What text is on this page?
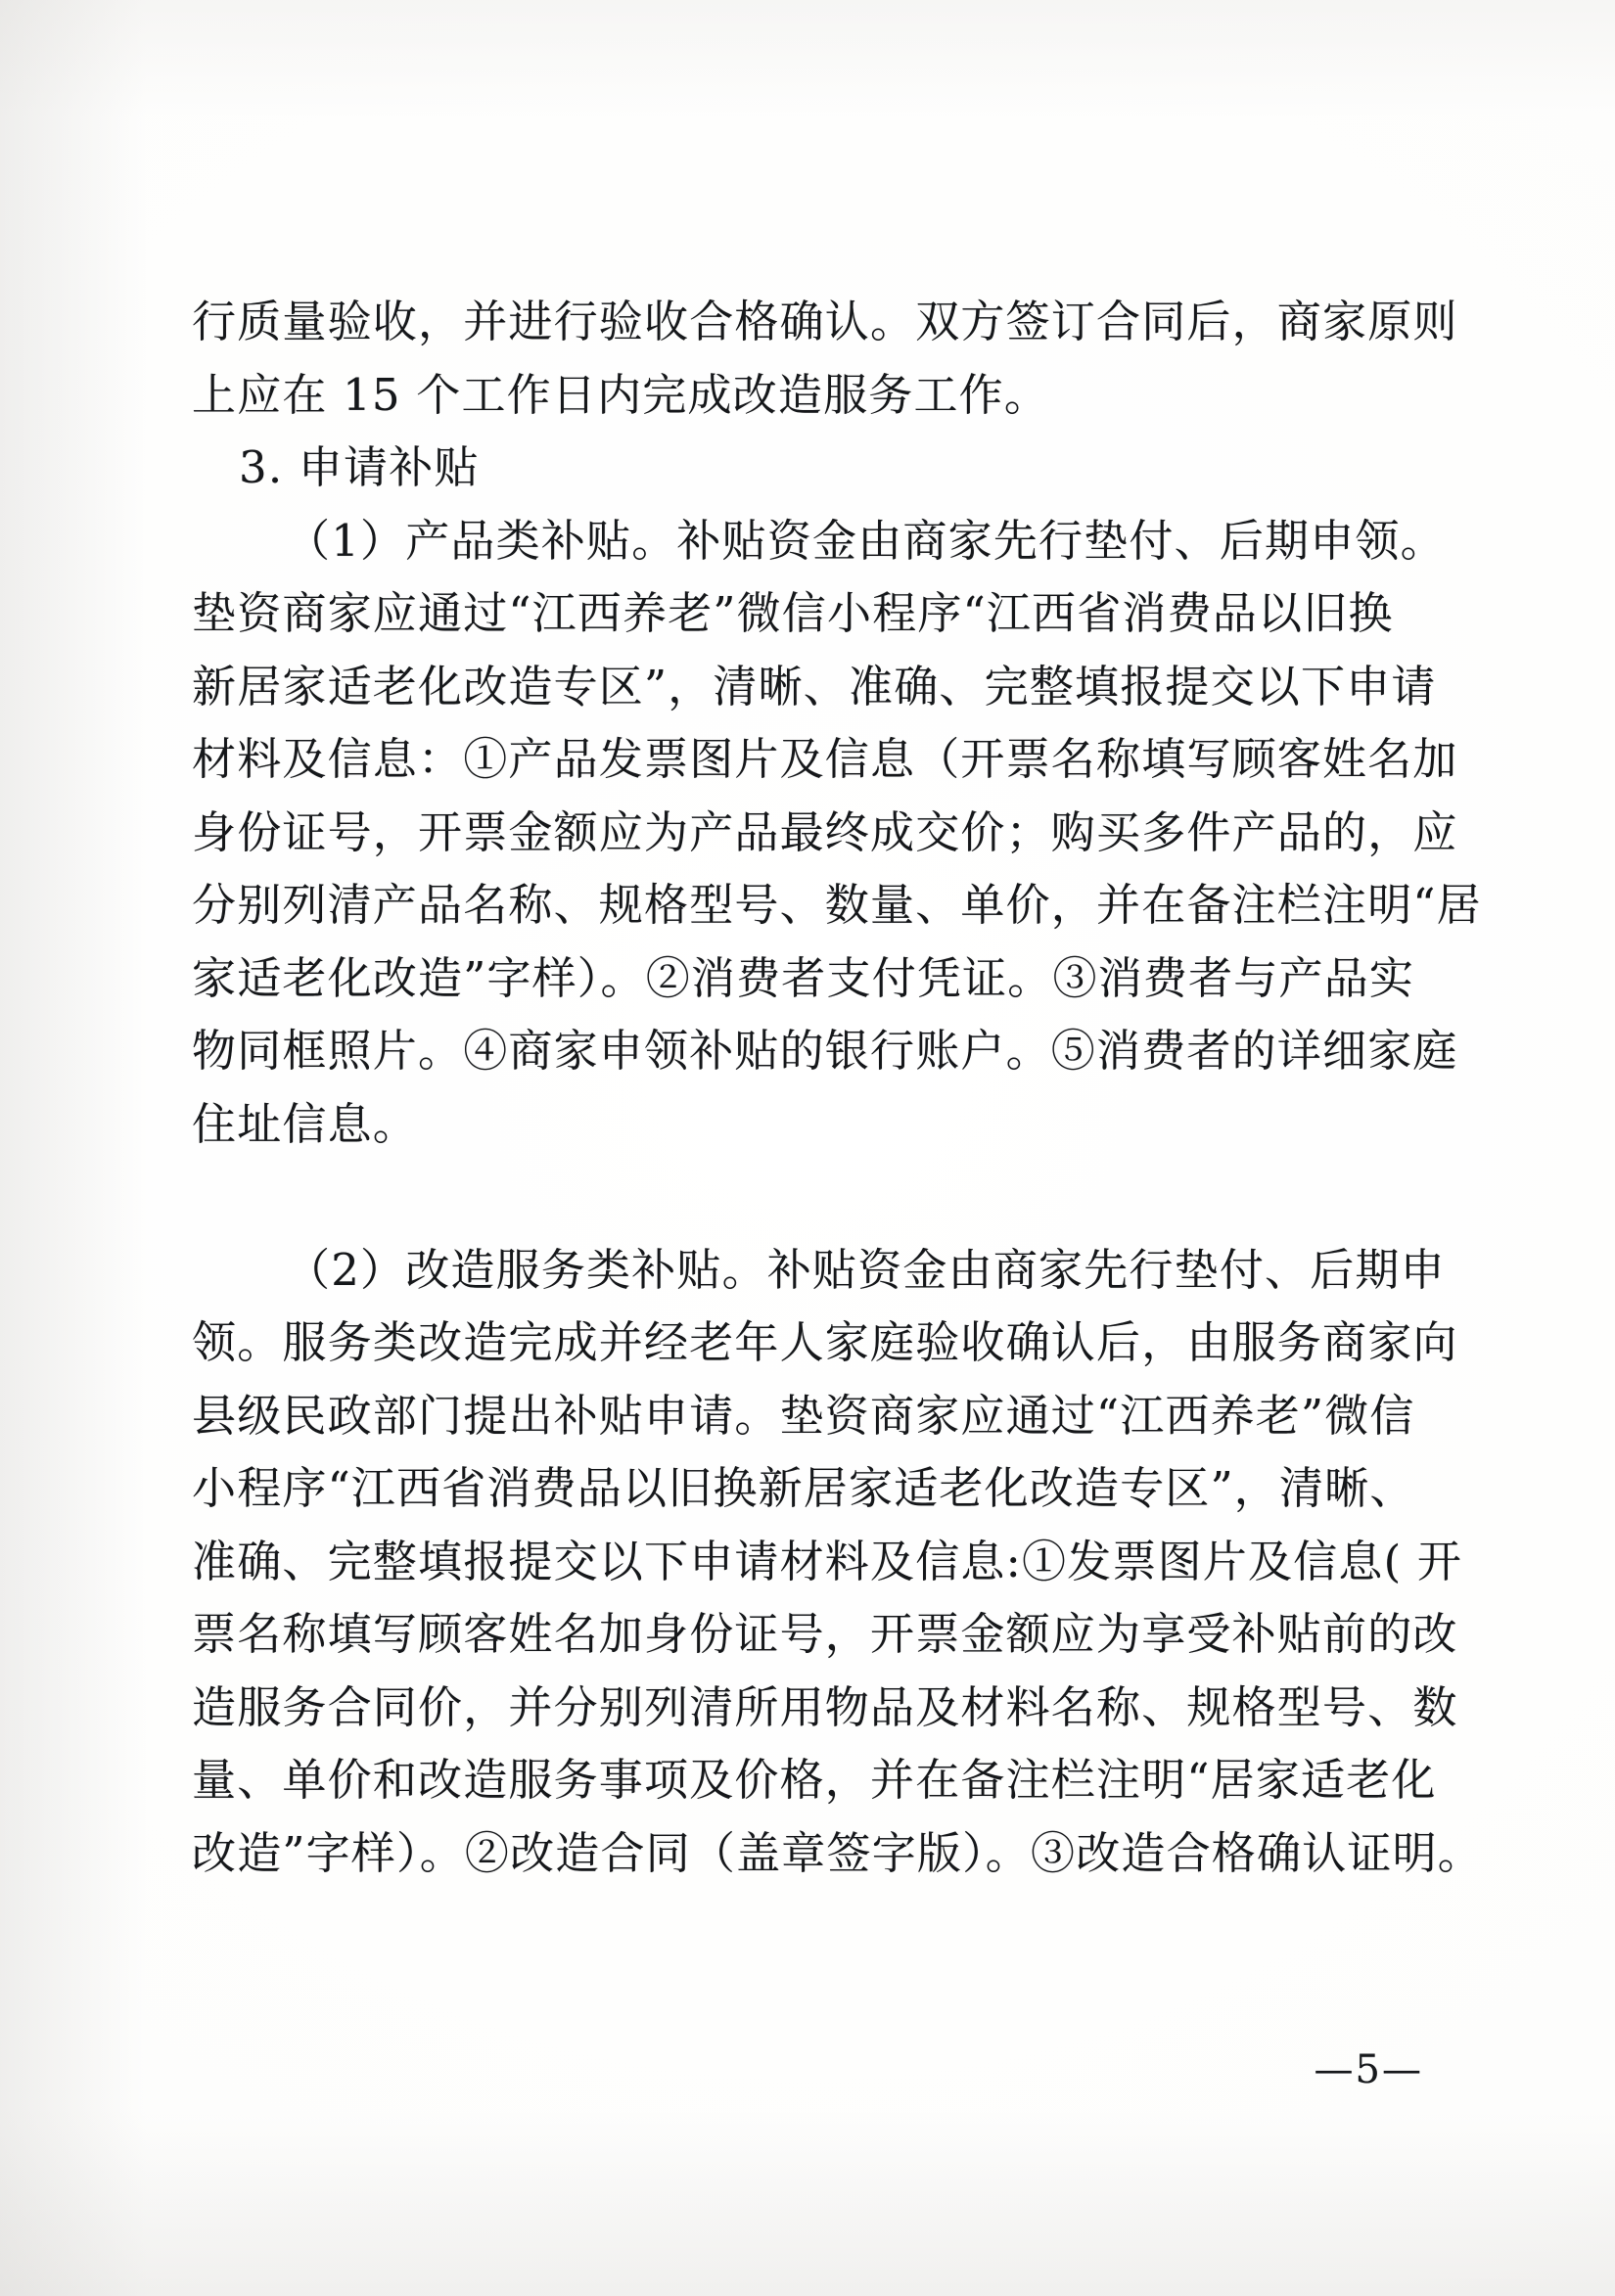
行质量验收，并进行验收合格确认。双方签订合同后，商家原则
上应在 15 个工作日内完成改造服务工作。
3. 申请补贴
（1）产品类补贴。补贴资金由商家先行垫付、后期申领。
垫资商家应通过“江西养老”微信小程序“江西省消费品以旧换
新居家适老化改造专区”，清晰、准确、完整填报提交以下申请
材料及信息：①产品发票图片及信息（开票名称填写顾客姓名加
身份证号，开票金额应为产品最终成交价；购买多件产品的，应
分别列清产品名称、规格型号、数量、单价，并在备注栏注明“居
家适老化改造”字样）。②消费者支付凭证。③消费者与产品实
物同框照片。④商家申领补贴的银行账户。⑤消费者的详细家庭
住址信息。
（2）改造服务类补贴。补贴资金由商家先行垫付、后期申
领。服务类改造完成并经老年人家庭验收确认后，由服务商家向
县级民政部门提出补贴申请。垫资商家应通过“江西养老”微信
小程序“江西省消费品以旧换新居家适老化改造专区”，清晰、
准确、完整填报提交以下申请材料及信息:①发票图片及信息( 开
票名称填写顾客姓名加身份证号，开票金额应为享受补贴前的改
造服务合同价，并分别列清所用物品及材料名称、规格型号、数
量、单价和改造服务事项及价格，并在备注栏注明“居家适老化
改造”字样）。②改造合同（盖章签字版）。③改造合格确认证明。
—5—
